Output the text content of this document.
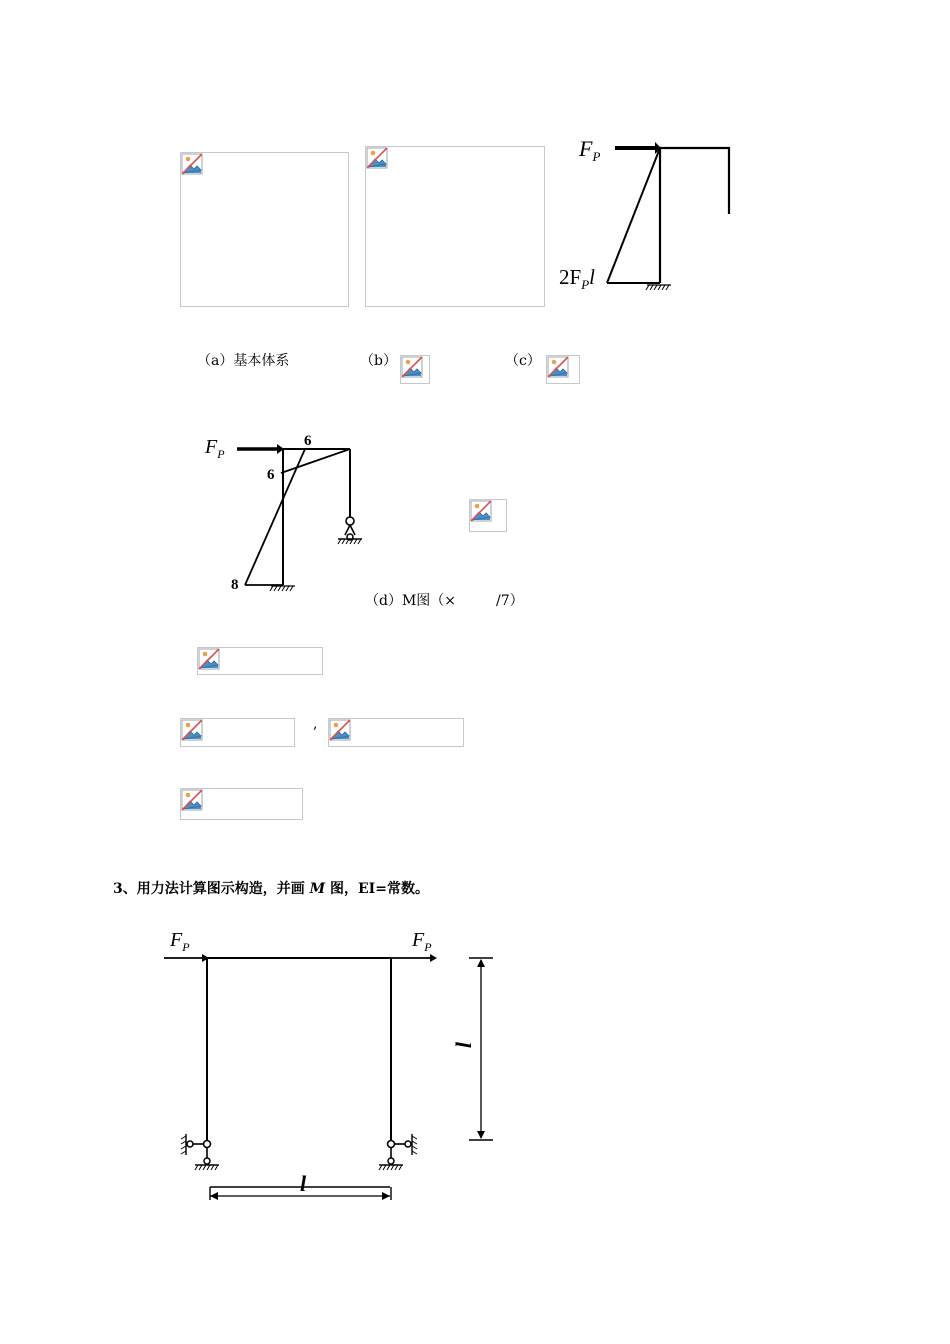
$F_P$
$2F_Pl$
（a）基本体系	（b）	（c）
$F_P$
6
6
8
（d）M图（×	/7）
,
3、用力法计算图示构造，并画 M 图，EI=常数。
$F_P$	$F_P$
l
l
